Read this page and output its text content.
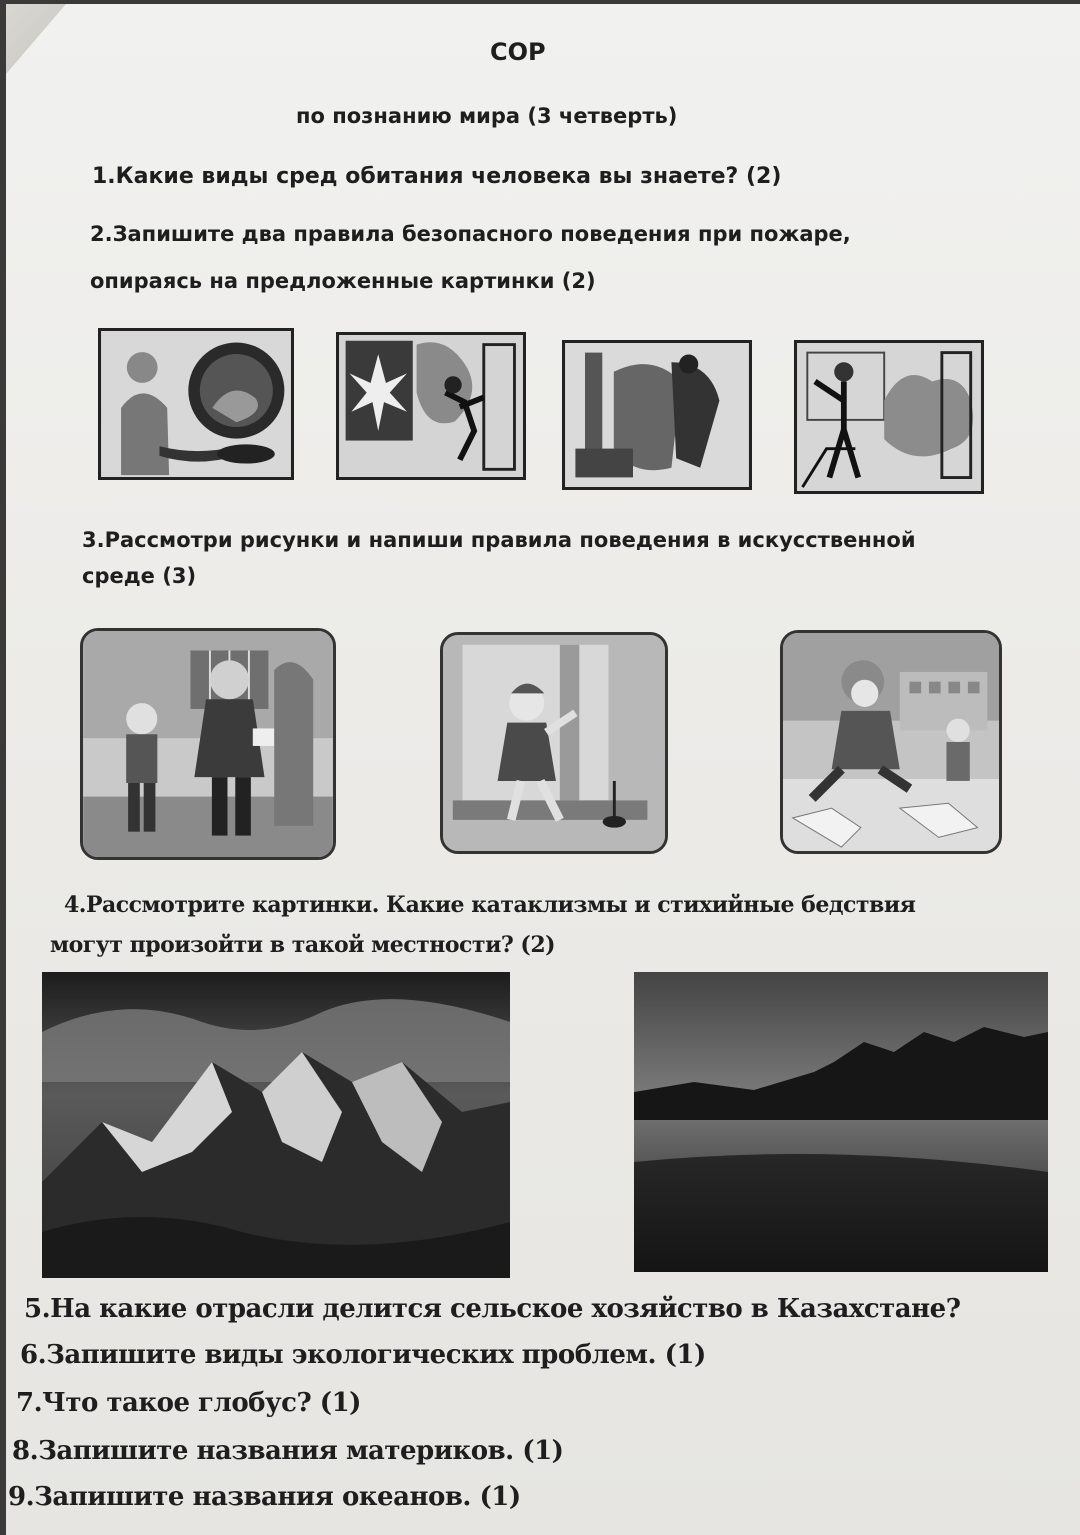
СОР
по познанию мира (3 четверть)
1.Какие виды сред обитания человека вы знаете? (2)
2.Запишите два правила безопасного поведения при пожаре,
опираясь на предложенные картинки (2)
3.Рассмотри рисунки и напиши правила поведения в искусственной
среде (3)
4.Рассмотрите картинки. Какие катаклизмы и стихийные бедствия
могут произойти в такой местности? (2)
5.На какие отрасли делится сельское хозяйство в Казахстане?
6.Запишите виды экологических проблем. (1)
7.Что такое глобус? (1)
8.Запишите названия материков. (1)
9.Запишите названия океанов. (1)
